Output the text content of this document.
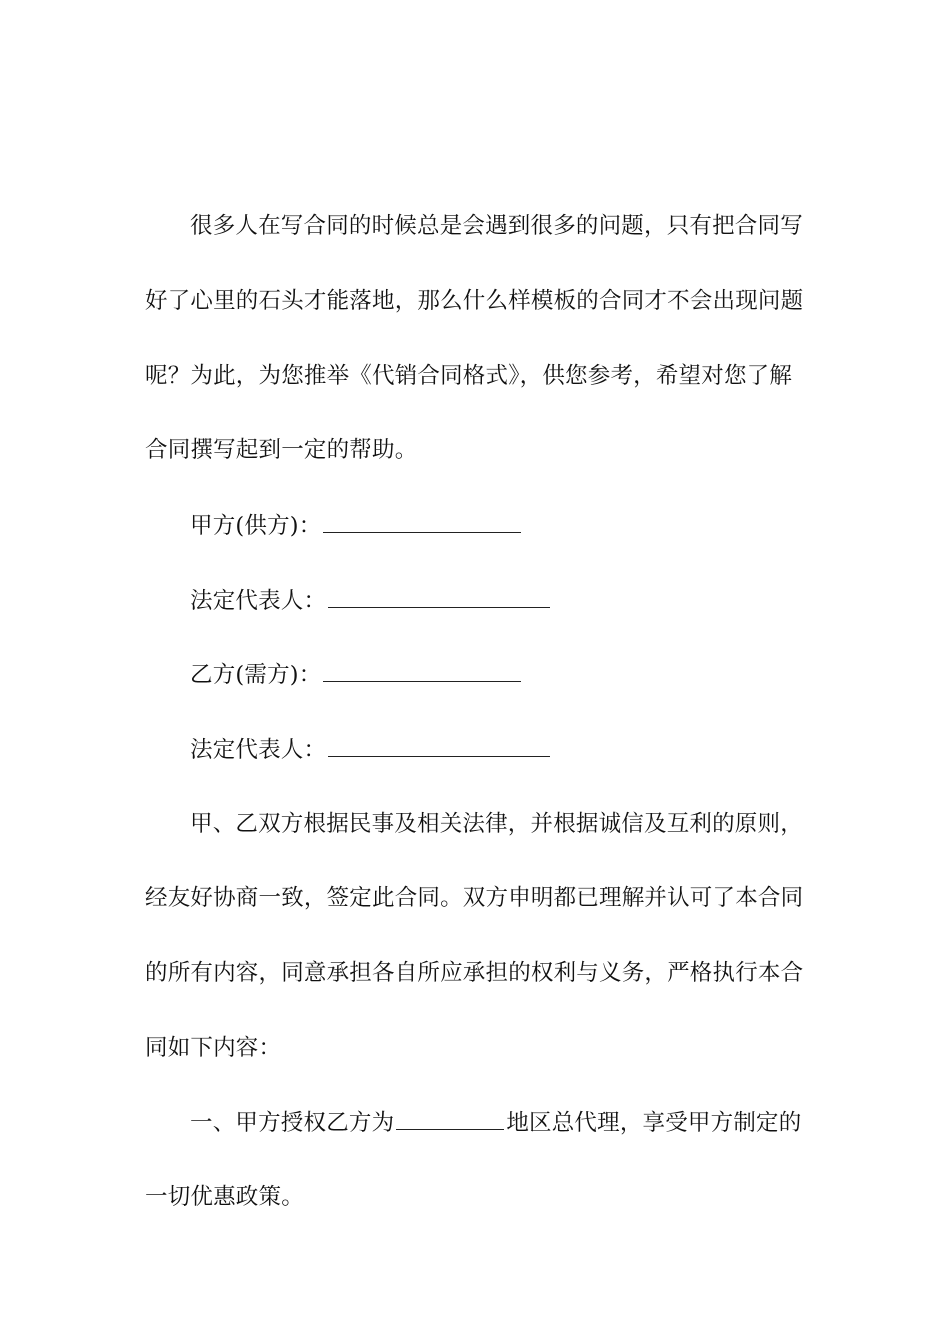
很多人在写合同的时候总是会遇到很多的问题，只有把合同写
好了心里的石头才能落地，那么什么样模板的合同才不会出现问题
呢？为此，为您推举《代销合同格式》，供您参考，希望对您了解
合同撰写起到一定的帮助。
甲方(供方)：
法定代表人：
乙方(需方)：
法定代表人：
甲、乙双方根据民事及相关法律，并根据诚信及互利的原则，
经友好协商一致，签定此合同。双方申明都已理解并认可了本合同
的所有内容，同意承担各自所应承担的权利与义务，严格执行本合
同如下内容：
一、甲方授权乙方为	地区总代理，享受甲方制定的
一切优惠政策。
